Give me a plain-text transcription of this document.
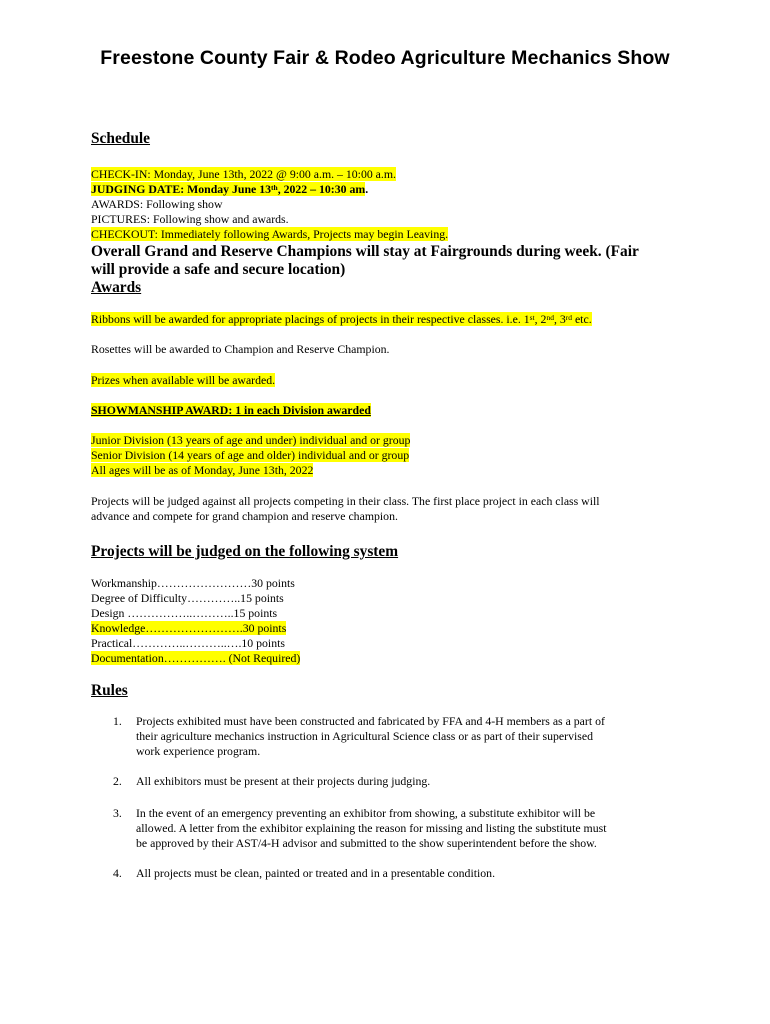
Freestone County Fair & Rodeo Agriculture Mechanics Show
Schedule
CHECK-IN: Monday, June 13th, 2022 @ 9:00 a.m. – 10:00 a.m.
JUDGING DATE: Monday June 13th, 2022 – 10:30 am.
AWARDS: Following show
PICTURES: Following show and awards.
CHECKOUT: Immediately following Awards, Projects may begin Leaving.
Overall Grand and Reserve Champions will stay at Fairgrounds during week. (Fair
will provide a safe and secure location)
Awards
Ribbons will be awarded for appropriate placings of projects in their respective classes. i.e. 1st, 2nd, 3rd etc.
Rosettes will be awarded to Champion and Reserve Champion.
Prizes when available will be awarded.
SHOWMANSHIP AWARD: 1 in each Division awarded
Junior Division (13 years of age and under) individual and or group
Senior Division (14 years of age and older) individual and or group
All ages will be as of Monday, June 13th, 2022
Projects will be judged against all projects competing in their class. The first place project in each class will
advance and compete for grand champion and reserve champion.
Projects will be judged on the following system
Workmanship……………………30 points
Degree of Difficulty…………..15 points
Design ……………..………..15 points
Knowledge…………………….30 points
Practical…………..………..….10 points
Documentation……………. (Not Required)
Rules
1.	Projects exhibited must have been constructed and fabricated by FFA and 4-H members as a part of
their agriculture mechanics instruction in Agricultural Science class or as part of their supervised
work experience program.
2.	All exhibitors must be present at their projects during judging.
3.	In the event of an emergency preventing an exhibitor from showing, a substitute exhibitor will be
allowed. A letter from the exhibitor explaining the reason for missing and listing the substitute must
be approved by their AST/4-H advisor and submitted to the show superintendent before the show.
4.	All projects must be clean, painted or treated and in a presentable condition.
